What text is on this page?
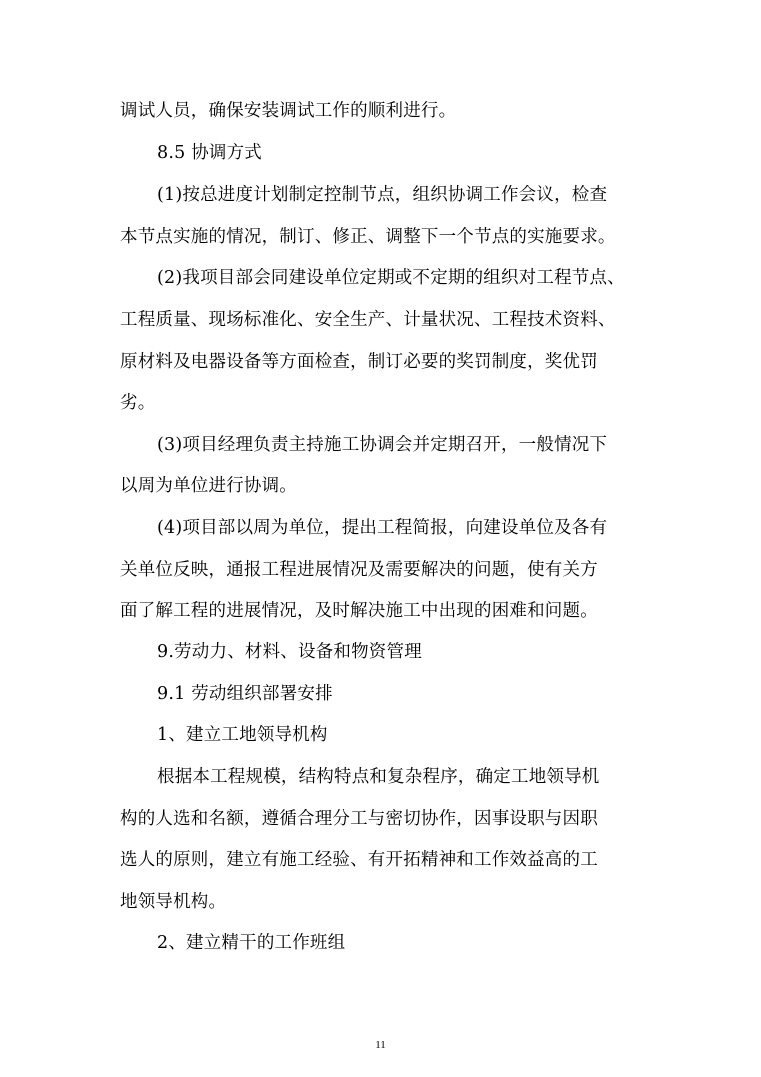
调试人员，确保安装调试工作的顺利进行。
8.5 协调方式
(1)按总进度计划制定控制节点，组织协调工作会议，检查
本节点实施的情况，制订、修正、调整下一个节点的实施要求。
(2)我项目部会同建设单位定期或不定期的组织对工程节点、
工程质量、现场标准化、安全生产、计量状况、工程技术资料、
原材料及电器设备等方面检查，制订必要的奖罚制度，奖优罚
劣。
(3)项目经理负责主持施工协调会并定期召开，一般情况下
以周为单位进行协调。
(4)项目部以周为单位，提出工程简报，向建设单位及各有
关单位反映，通报工程进展情况及需要解决的问题，使有关方
面了解工程的进展情况，及时解决施工中出现的困难和问题。
9.劳动力、材料、设备和物资管理
9.1 劳动组织部署安排
1、建立工地领导机构
根据本工程规模，结构特点和复杂程序，确定工地领导机
构的人选和名额，遵循合理分工与密切协作，因事设职与因职
选人的原则，建立有施工经验、有开拓精神和工作效益高的工
地领导机构。
2、建立精干的工作班组
11
